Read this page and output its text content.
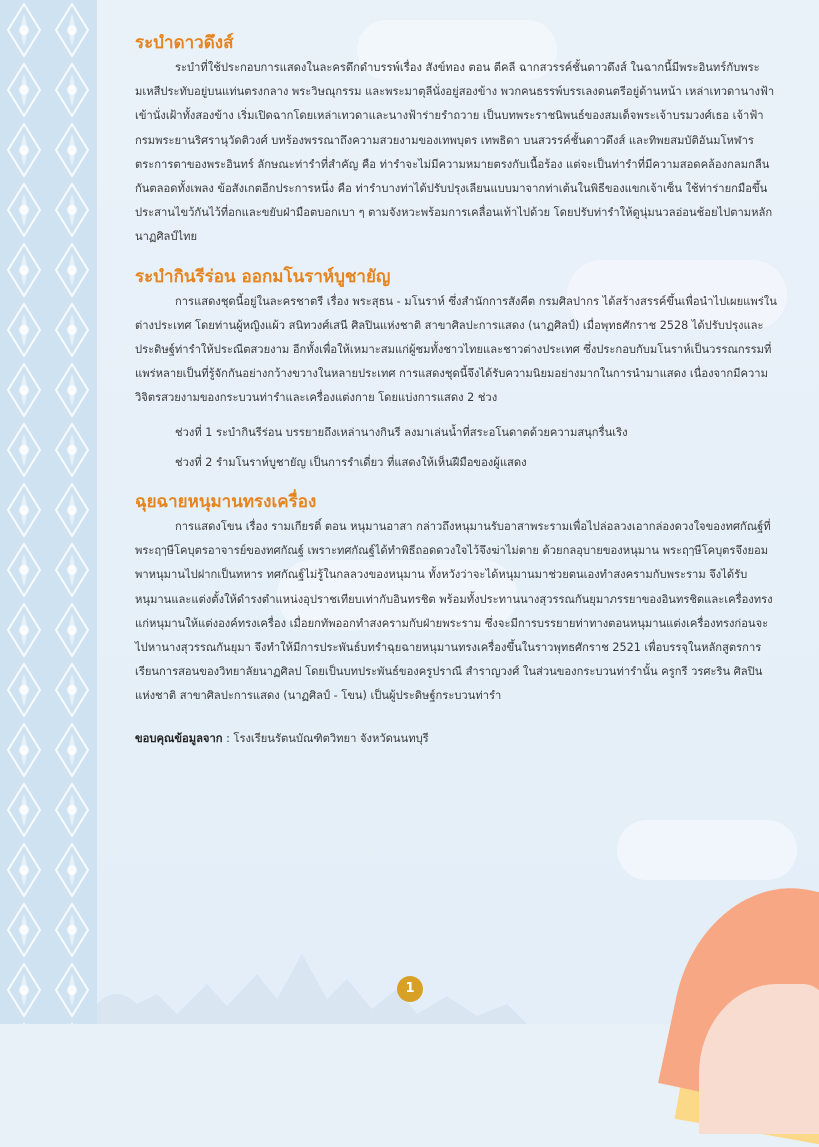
ระบำดาวดึงส์

ระบำที่ใช้ประกอบการแสดงในละครดึกดำบรรพ์เรื่อง สังข์ทอง ตอน ตีคลี ฉากสวรรค์ชั้นดาวดึงส์ ในฉากนี้มีพระอินทร์กับพระมเหสีประทับอยู่บนแท่นตรงกลาง พระวิษณุกรรม และพระมาตุลีนั่งอยู่สองข้าง พวกคนธรรพ์บรรเลงดนตรีอยู่ด้านหน้า เหล่าเทวดานางฟ้าเข้านั่งเฝ้าทั้งสองข้าง เริ่มเปิดฉากโดยเหล่าเทวดาและนางฟ้าร่ายรำถวาย เป็นบทพระราชนิพนธ์ของสมเด็จพระเจ้าบรมวงศ์เธอ เจ้าฟ้ากรมพระยานริศรานุวัดติวงศ์ บทร้องพรรณาถึงความสวยงามของเทพบุตร เทพธิดา บนสวรรค์ชั้นดาวดึงส์ และทิพยสมบัติอันมโหฬารตระการตาของพระอินทร์ ลักษณะท่ารำที่สำคัญ คือ ท่ารำจะไม่มีความหมายตรงกับเนื้อร้อง แต่จะเป็นท่ารำที่มีความสอดคล้องกลมกลืนกันตลอดทั้งเพลง ข้อสังเกตอีกประการหนึ่ง คือ ท่ารำบางท่าได้ปรับปรุงเลียนแบบมาจากท่าเต้นในพิธีของแขกเจ้าเซ็น ใช้ท่าร่ายกมือขึ้นประสานไขว้กันไว้ที่อกและขยับฝ่ามือตบอกเบา ๆ ตามจังหวะพร้อมการเคลื่อนเท้าไปด้วย โดยปรับท่ารำให้ดูนุ่มนวลอ่อนช้อยไปตามหลักนาฏศิลป์ไทย

ระบำกินรีร่อน ออกมโนราห์บูชายัญ

การแสดงชุดนี้อยู่ในละครชาตรี เรื่อง พระสุธน - มโนราห์ ซึ่งสำนักการสังคีต กรมศิลปากร ได้สร้างสรรค์ขึ้นเพื่อนำไปเผยแพร่ในต่างประเทศ โดยท่านผู้หญิงแผ้ว สนิทวงศ์เสนี ศิลปินแห่งชาติ สาขาศิลปะการแสดง (นาฏศิลป์) เมื่อพุทธศักราช 2528 ได้ปรับปรุงและประดิษฐ์ท่ารำให้ประณีตสวยงาม อีกทั้งเพื่อให้เหมาะสมแก่ผู้ชมทั้งชาวไทยและชาวต่างประเทศ ซึ่งประกอบกับมโนราห์เป็นวรรณกรรมที่แพร่หลายเป็นที่รู้จักกันอย่างกว้างขวางในหลายประเทศ การแสดงชุดนี้จึงได้รับความนิยมอย่างมากในการนำมาแสดง เนื่องจากมีความวิจิตรสวยงามของกระบวนท่ารำและเครื่องแต่งกาย โดยแบ่งการแสดง 2 ช่วง

ช่วงที่ 1 ระบำกินรีร่อน บรรยายถึงเหล่านางกินรี ลงมาเล่นน้ำที่สระอโนดาตด้วยความสนุกรื่นเริง

ช่วงที่ 2 รำมโนราห์บูชายัญ เป็นการรำเดี่ยว ที่แสดงให้เห็นฝีมือของผู้แสดง

ฉุยฉายหนุมานทรงเครื่อง

การแสดงโขน เรื่อง รามเกียรติ์ ตอน หนุมานอาสา กล่าวถึงหนุมานรับอาสาพระรามเพื่อไปล่อลวงเอากล่องดวงใจของทศกัณฐ์ที่พระฤๅษีโคบุตรอาจารย์ของทศกัณฐ์ เพราะทศกัณฐ์ได้ทำพิธีถอดดวงใจไว้จึงฆ่าไม่ตาย ด้วยกลอุบายของหนุมาน พระฤๅษีโคบุตรจึงยอมพาหนุมานไปฝากเป็นทหาร ทศกัณฐ์ไม่รู้ในกลลวงของหนุมาน ทั้งหวังว่าจะได้หนุมานมาช่วยตนเองทำสงครามกับพระราม จึงได้รับหนุมานและแต่งตั้งให้ดำรงตำแหน่งอุปราชเทียบเท่ากับอินทรชิต พร้อมทั้งประทานนางสุวรรณกันยุมาภรรยาของอินทรชิตและเครื่องทรงแก่หนุมานให้แต่งองค์ทรงเครื่อง เมื่อยกทัพออกทำสงครามกับฝ่ายพระราม ซึ่งจะมีการบรรยายท่าทางตอนหนุมานแต่งเครื่องทรงก่อนจะไปหานางสุวรรณกันยุมา จึงทำให้มีการประพันธ์บทรำฉุยฉายหนุมานทรงเครื่องขึ้นในราวพุทธศักราช 2521 เพื่อบรรจุในหลักสูตรการเรียนการสอนของวิทยาลัยนาฏศิลป โดยเป็นบทประพันธ์ของครูปราณี สำราญวงศ์ ในส่วนของกระบวนท่ารำนั้น ครูกรี วรศะริน ศิลปินแห่งชาติ สาขาศิลปะการแสดง (นาฏศิลป์ - โขน) เป็นผู้ประดิษฐ์กระบวนท่ารำ

ขอบคุณข้อมูลจาก : โรงเรียนรัตนบัณฑิตวิทยา จังหวัดนนทบุรี

1
